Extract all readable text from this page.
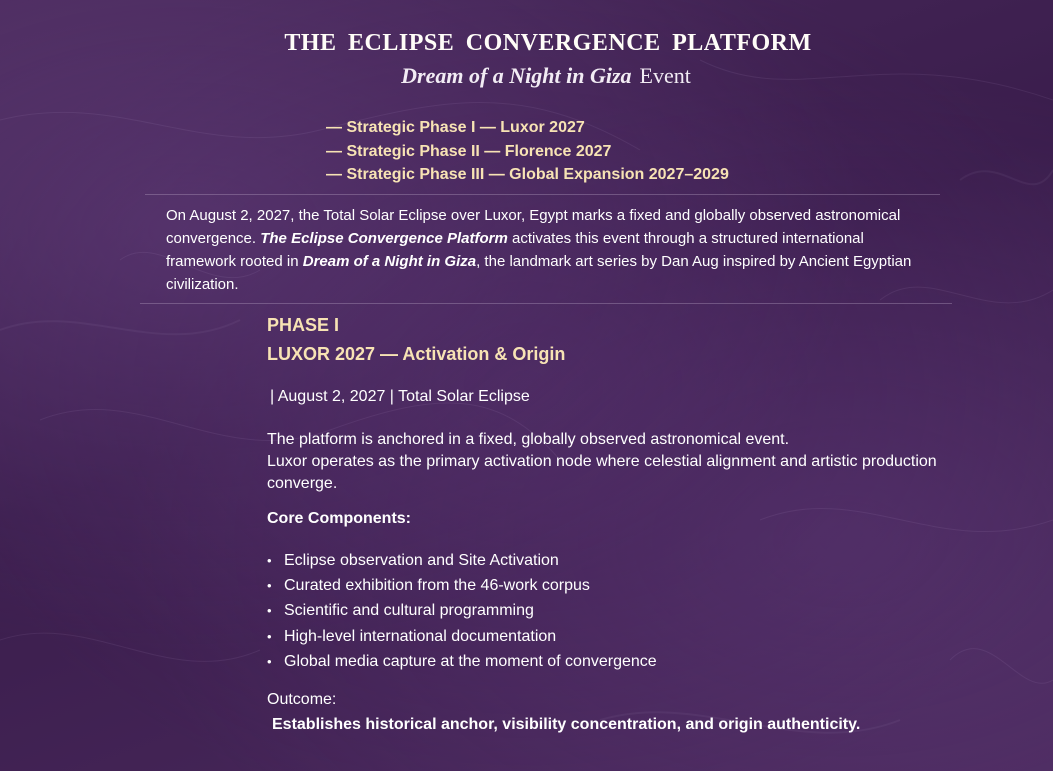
THE ECLIPSE CONVERGENCE PLATFORM
Dream of a Night in Giza Event
— Strategic Phase I — Luxor 2027
— Strategic Phase II — Florence 2027
— Strategic Phase III — Global Expansion 2027–2029
On August 2, 2027, the Total Solar Eclipse over Luxor, Egypt marks a fixed and globally observed astronomical convergence. The Eclipse Convergence Platform activates this event through a structured international framework rooted in Dream of a Night in Giza, the landmark art series by Dan Aug inspired by Ancient Egyptian civilization.
PHASE I
LUXOR 2027 — Activation & Origin
| August 2, 2027 | Total Solar Eclipse
The platform is anchored in a fixed, globally observed astronomical event.
Luxor operates as the primary activation node where celestial alignment and artistic production converge.
Core Components:
• Eclipse observation and Site Activation
• Curated exhibition from the 46-work corpus
• Scientific and cultural programming
• High-level international documentation
• Global media capture at the moment of convergence
Outcome:
Establishes historical anchor, visibility concentration, and origin authenticity.
